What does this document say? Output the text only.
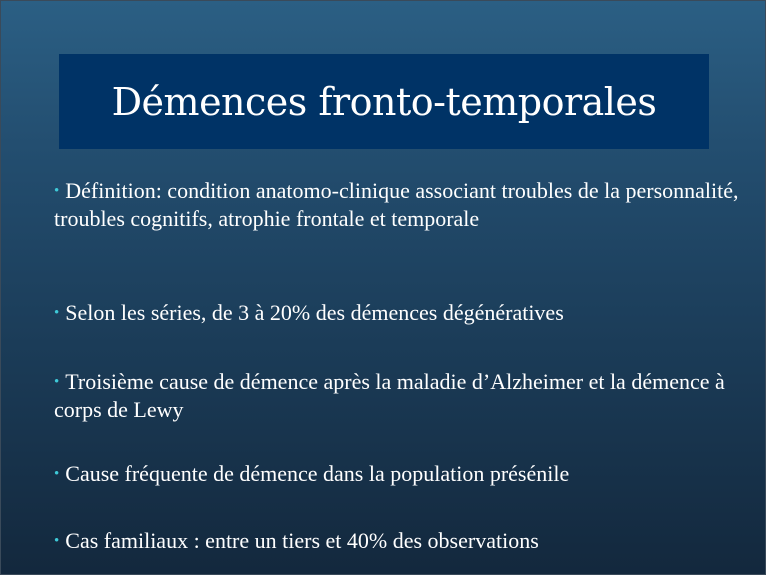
Démences fronto-temporales
• Définition: condition anatomo-clinique associant troubles de la personnalité, troubles cognitifs, atrophie frontale et temporale
• Selon les séries, de 3 à 20% des démences dégénératives
• Troisième cause de démence après la maladie d’Alzheimer et la démence à corps de Lewy
• Cause fréquente de démence dans la population présénile
• Cas familiaux : entre un tiers et 40% des observations
